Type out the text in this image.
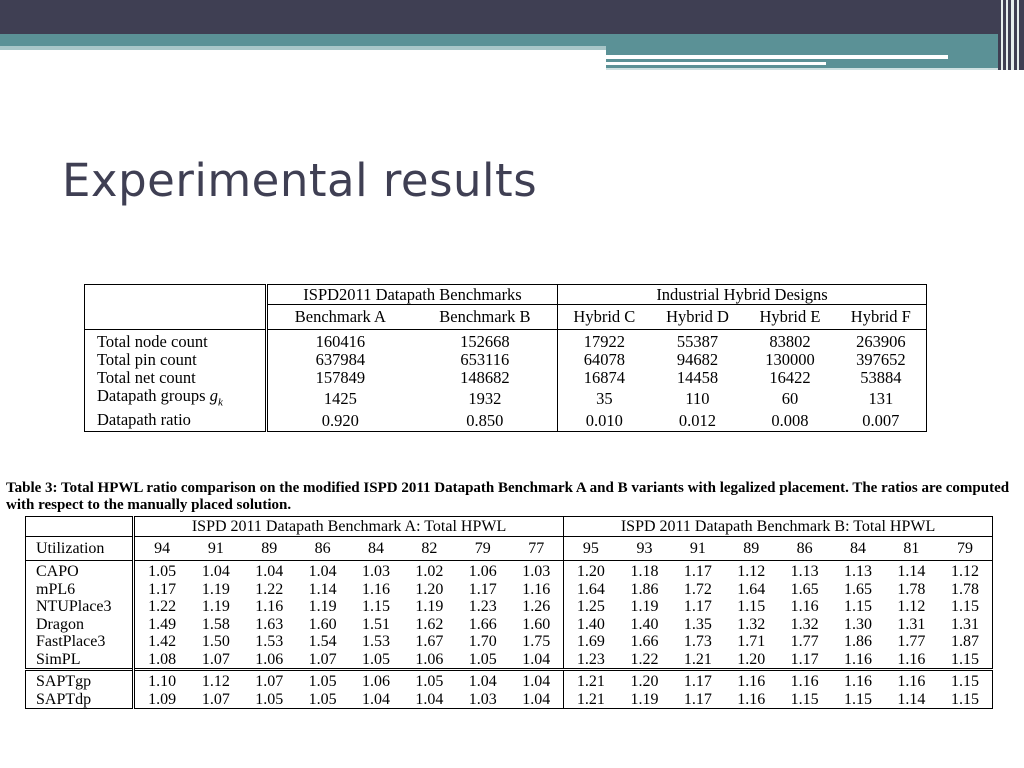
Experimental results
	ISPD2011 Datapath Benchmarks		Industrial Hybrid Designs			
	Benchmark A	Benchmark B	Hybrid C	Hybrid D	Hybrid E	Hybrid F
Total node count	160416	152668	17922	55387	83802	263906
Total pin count	637984	653116	64078	94682	130000	397652
Total net count	157849	148682	16874	14458	16422	53884
Datapath groups $g_k$	1425	1932	35	110	60	131
Datapath ratio	0.920	0.850	0.010	0.012	0.008	0.007
Table 3: Total HPWL ratio comparison on the modified ISPD 2011 Datapath Benchmark A and B variants with legalized placement. The ratios are computed with respect to the manually placed solution.
	ISPD 2011 Datapath Benchmark A: Total HPWL								ISPD 2011 Datapath Benchmark B: Total HPWL							
Utilization	94	91	89	86	84	82	79	77	95	93	91	89	86	84	81	79
CAPO	1.05	1.04	1.04	1.04	1.03	1.02	1.06	1.03	1.20	1.18	1.17	1.12	1.13	1.13	1.14	1.12
mPL6	1.17	1.19	1.22	1.14	1.16	1.20	1.17	1.16	1.64	1.86	1.72	1.64	1.65	1.65	1.78	1.78
NTUPlace3	1.22	1.19	1.16	1.19	1.15	1.19	1.23	1.26	1.25	1.19	1.17	1.15	1.16	1.15	1.12	1.15
Dragon	1.49	1.58	1.63	1.60	1.51	1.62	1.66	1.60	1.40	1.40	1.35	1.32	1.32	1.30	1.31	1.31
FastPlace3	1.42	1.50	1.53	1.54	1.53	1.67	1.70	1.75	1.69	1.66	1.73	1.71	1.77	1.86	1.77	1.87
SimPL	1.08	1.07	1.06	1.07	1.05	1.06	1.05	1.04	1.23	1.22	1.21	1.20	1.17	1.16	1.16	1.15
SAPTgp	1.10	1.12	1.07	1.05	1.06	1.05	1.04	1.04	1.21	1.20	1.17	1.16	1.16	1.16	1.16	1.15
SAPTdp	1.09	1.07	1.05	1.05	1.04	1.04	1.03	1.04	1.21	1.19	1.17	1.16	1.15	1.15	1.14	1.15
